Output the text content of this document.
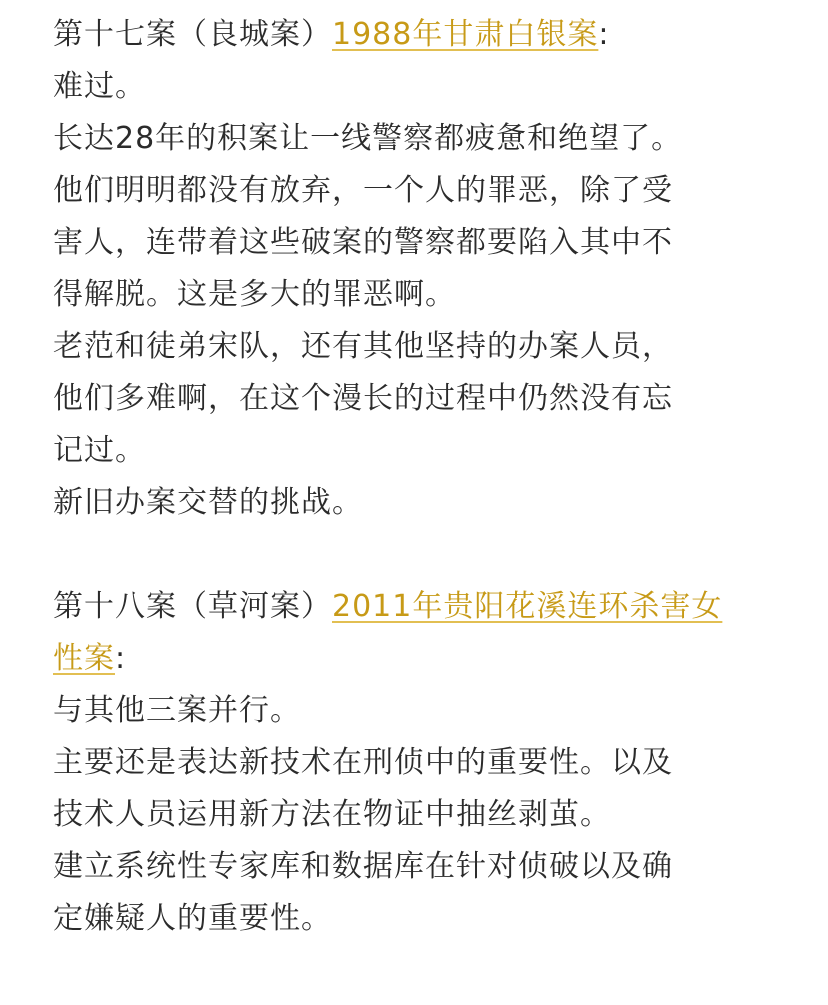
第十七案（良城案）1988年甘肃白银案:
难过。
长达28年的积案让一线警察都疲惫和绝望了。
他们明明都没有放弃，一个人的罪恶，除了受
害人，连带着这些破案的警察都要陷入其中不
得解脱。这是多大的罪恶啊。
老范和徒弟宋队，还有其他坚持的办案人员，
他们多难啊，在这个漫长的过程中仍然没有忘
记过。
新旧办案交替的挑战。
第十八案（草河案）2011年贵阳花溪连环杀害女
性案:
与其他三案并行。
主要还是表达新技术在刑侦中的重要性。以及
技术人员运用新方法在物证中抽丝剥茧。
建立系统性专家库和数据库在针对侦破以及确
定嫌疑人的重要性。
